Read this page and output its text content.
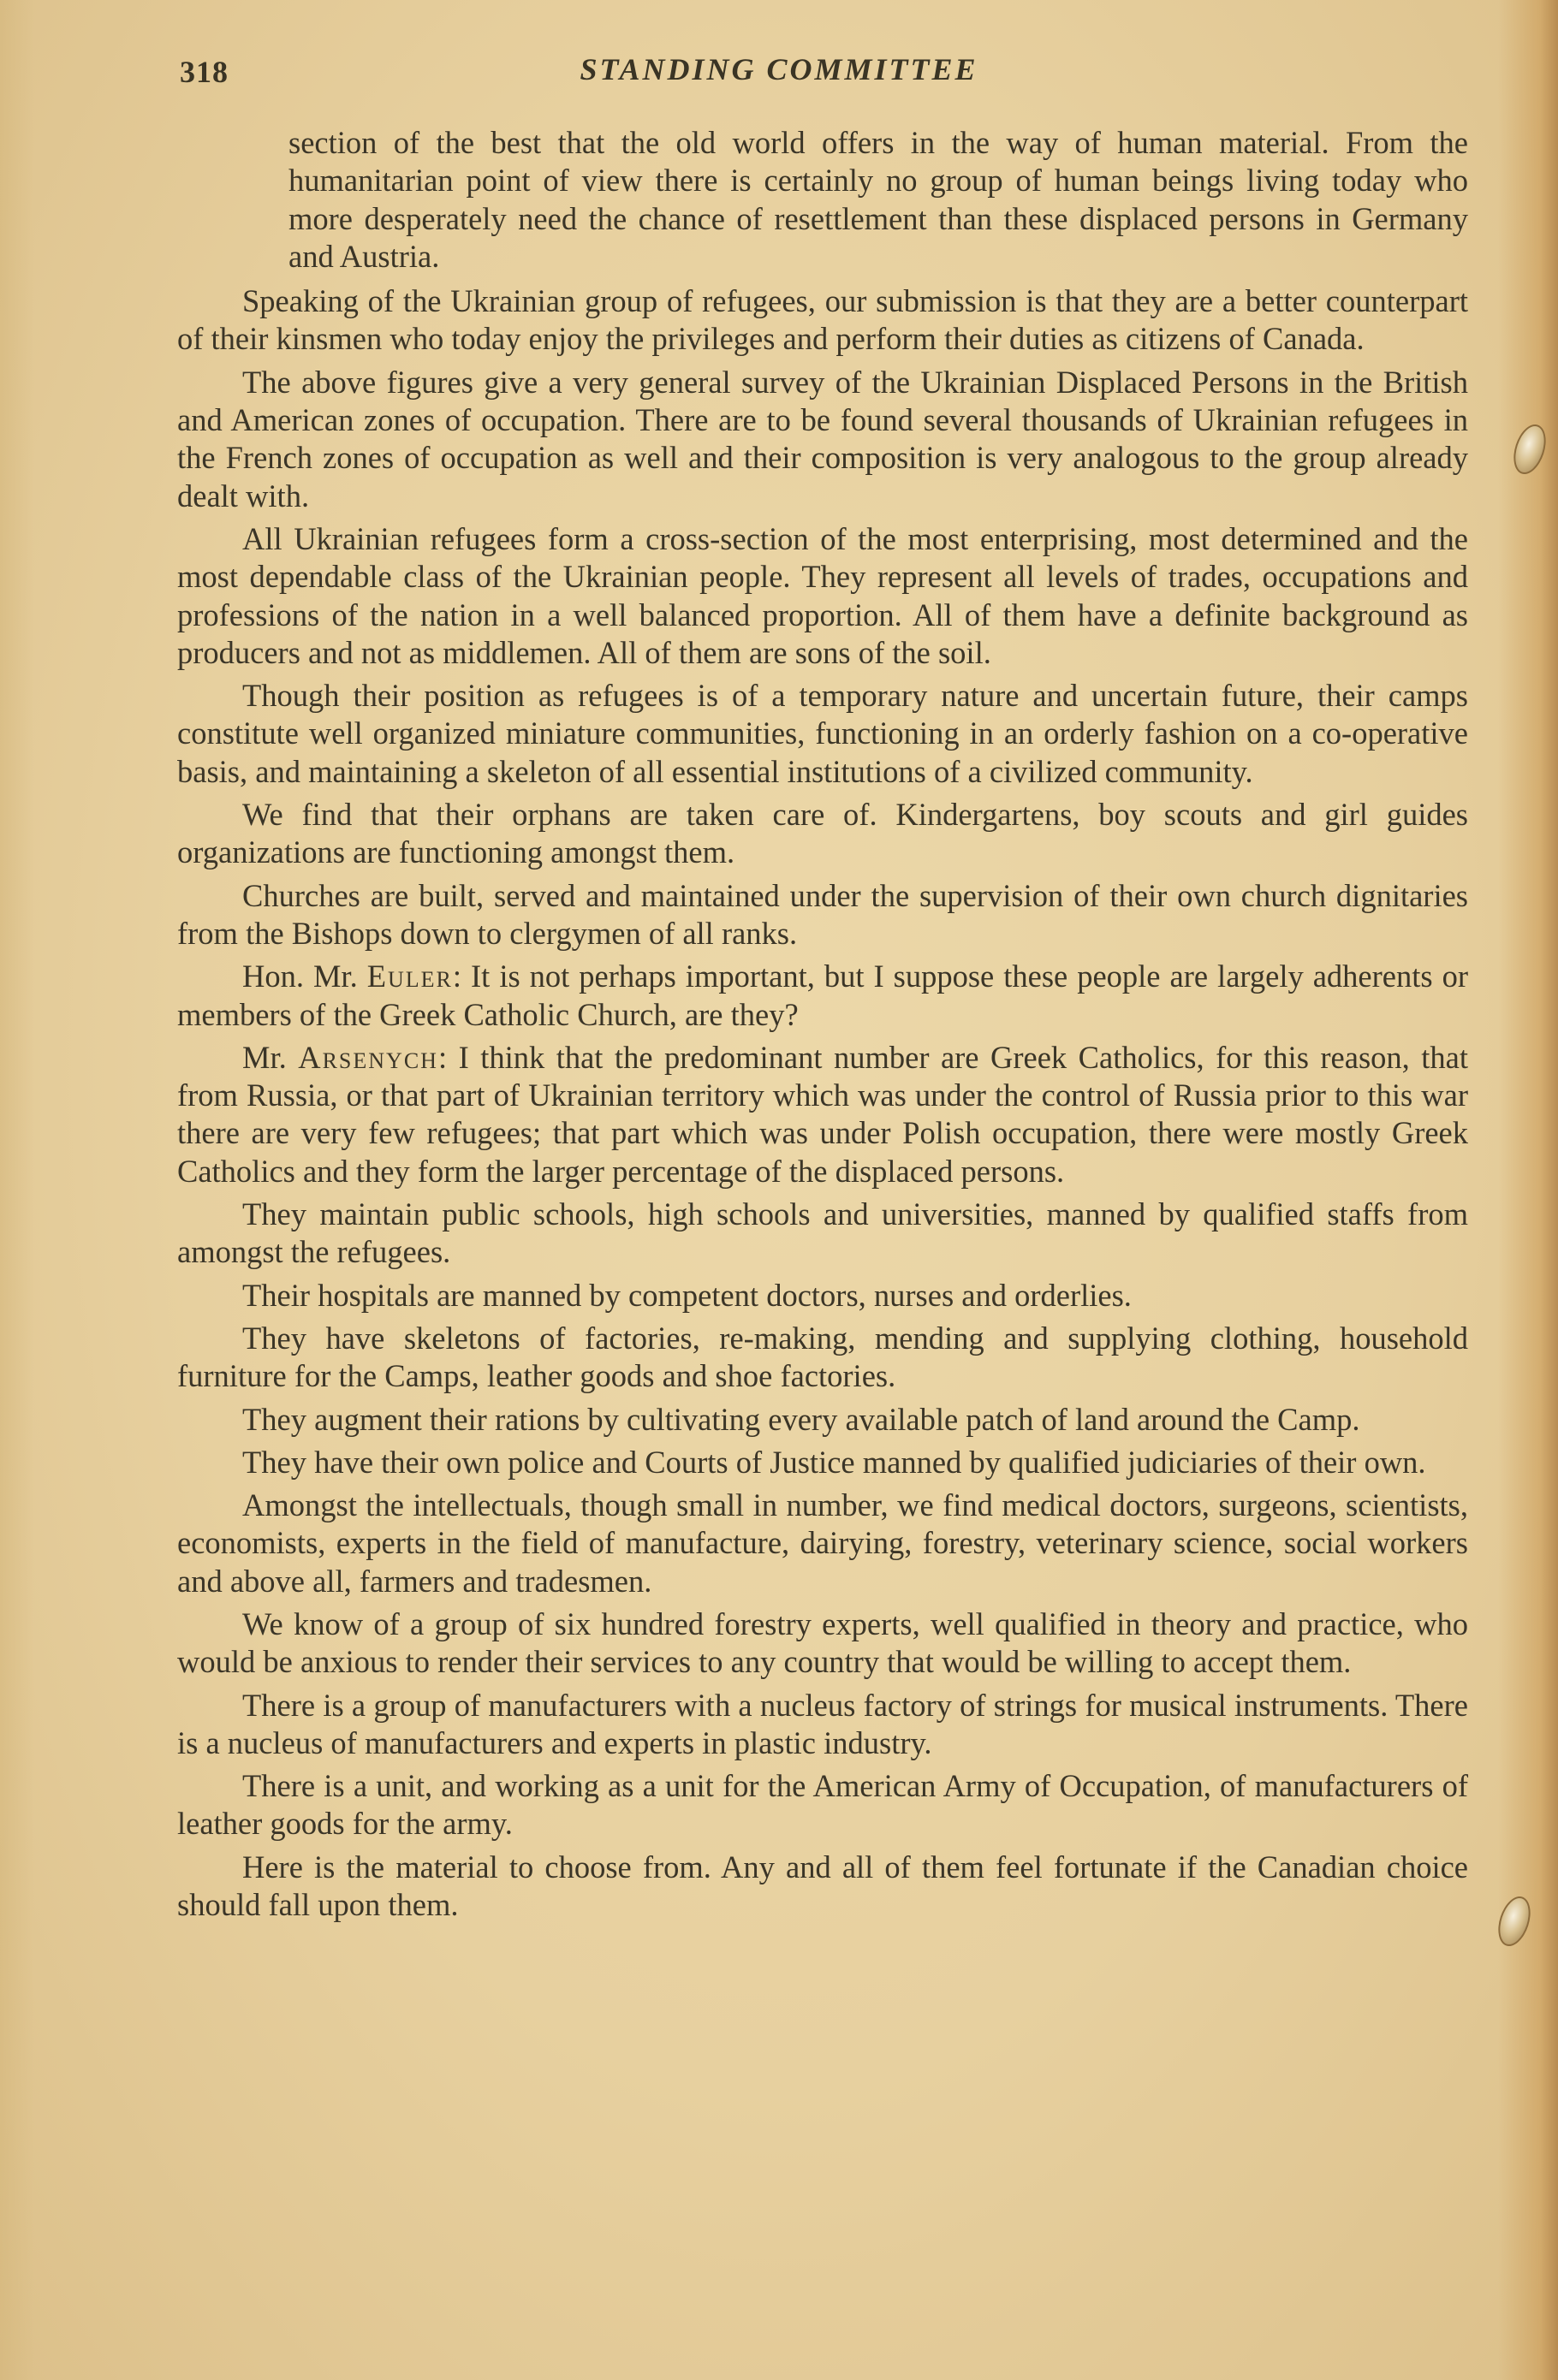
318	STANDING COMMITTEE

section of the best that the old world offers in the way of human material. From the humanitarian point of view there is certainly no group of human beings living today who more desperately need the chance of resettlement than these displaced persons in Germany and Austria.

Speaking of the Ukrainian group of refugees, our submission is that they are a better counterpart of their kinsmen who today enjoy the privileges and perform their duties as citizens of Canada.

The above figures give a very general survey of the Ukrainian Displaced Persons in the British and American zones of occupation. There are to be found several thousands of Ukrainian refugees in the French zones of occupation as well and their composition is very analogous to the group already dealt with.

All Ukrainian refugees form a cross-section of the most enterprising, most determined and the most dependable class of the Ukrainian people. They represent all levels of trades, occupations and professions of the nation in a well balanced proportion. All of them have a definite background as producers and not as middlemen. All of them are sons of the soil.

Though their position as refugees is of a temporary nature and uncertain future, their camps constitute well organized miniature communities, functioning in an orderly fashion on a co-operative basis, and maintaining a skeleton of all essential institutions of a civilized community.

We find that their orphans are taken care of. Kindergartens, boy scouts and girl guides organizations are functioning amongst them.

Churches are built, served and maintained under the supervision of their own church dignitaries from the Bishops down to clergymen of all ranks.

Hon. Mr. Euler: It is not perhaps important, but I suppose these people are largely adherents or members of the Greek Catholic Church, are they?

Mr. Arsenych: I think that the predominant number are Greek Catholics, for this reason, that from Russia, or that part of Ukrainian territory which was under the control of Russia prior to this war there are very few refugees; that part which was under Polish occupation, there were mostly Greek Catholics and they form the larger percentage of the displaced persons.

They maintain public schools, high schools and universities, manned by qualified staffs from amongst the refugees.

Their hospitals are manned by competent doctors, nurses and orderlies.

They have skeletons of factories, re-making, mending and supplying clothing, household furniture for the Camps, leather goods and shoe factories.

They augment their rations by cultivating every available patch of land around the Camp.

They have their own police and Courts of Justice manned by qualified judiciaries of their own.

Amongst the intellectuals, though small in number, we find medical doctors, surgeons, scientists, economists, experts in the field of manufacture, dairying, forestry, veterinary science, social workers and above all, farmers and tradesmen.

We know of a group of six hundred forestry experts, well qualified in theory and practice, who would be anxious to render their services to any country that would be willing to accept them.

There is a group of manufacturers with a nucleus factory of strings for musical instruments. There is a nucleus of manufacturers and experts in plastic industry.

There is a unit, and working as a unit for the American Army of Occupation, of manufacturers of leather goods for the army.

Here is the material to choose from. Any and all of them feel fortunate if the Canadian choice should fall upon them.
